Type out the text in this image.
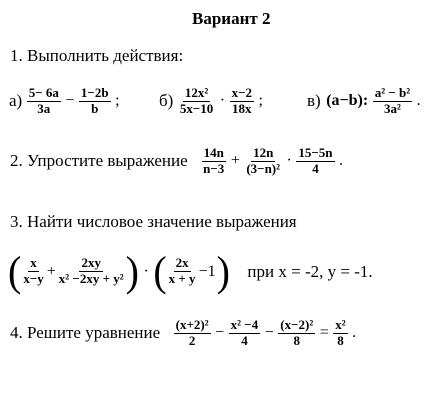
Вариант 2
1. Выполнить действия:
$а) \frac{5- 6a}{3a} - \frac{1-2b}{b}$ ; $б) \frac{\text{12x²}}{5x-10} \cdot \frac{x-2}{18x}$ ;	в) (a−b): $\frac{\text{a² − b²}}{\text{3a²}}$ .
2. Упростите выражение $\frac{14n}{n-3} + \frac{12n}{\text{(3−n)²}} \cdot \frac{15-5n}{4}$ .
3. Найти числовое значение выражения
( $\frac{x}{x-y} + \frac{2xy}{\text{x² −2xy + y²}}$ ) · ( $\frac{2x}{x + y} -1$) при x = -2, y = -1.
4. Решите уравнение $\frac{\text{(x+2)²}}{2} - \frac{\text{x² −4}}{4} - \frac{\text{(x−2)²}}{8} = \frac{\text{x²}}{8}$ .
